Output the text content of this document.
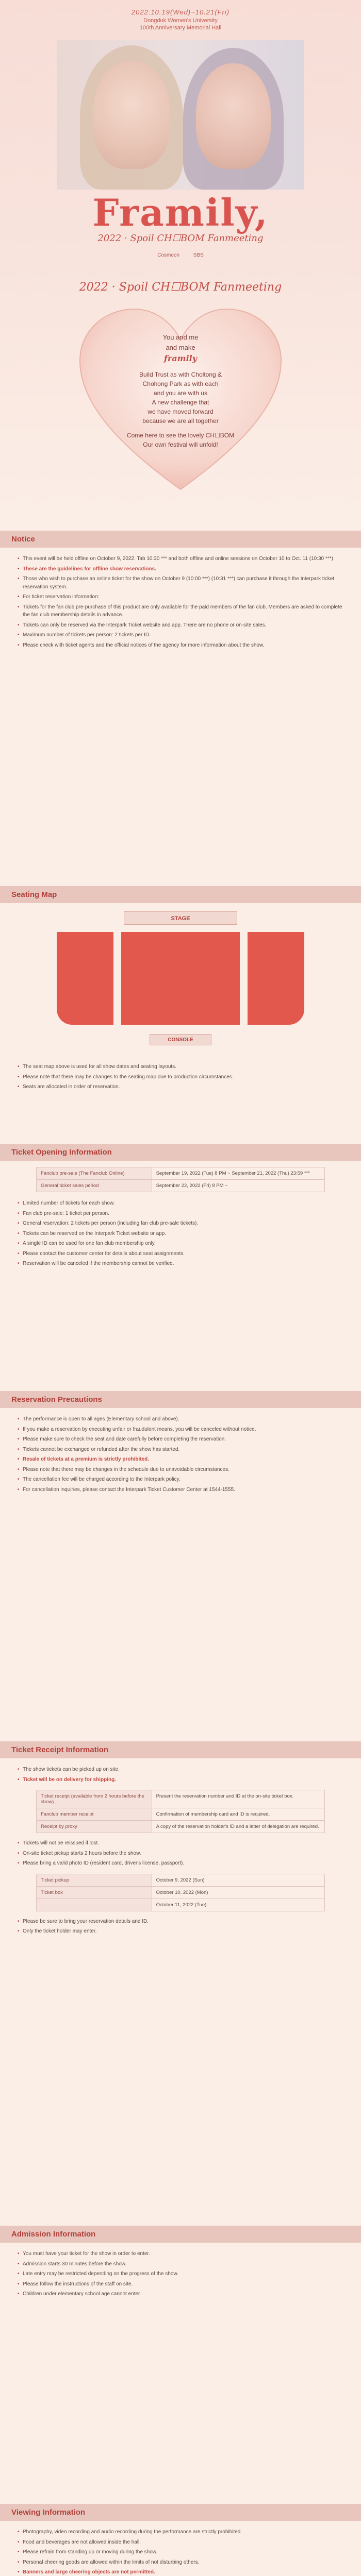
2022.10.19(Wed)~10.21(Fri)
Dongduk Women's University
100th Anniversary Memorial Hall
Framily,
2022 · Spoil CH☐BOM Fanmeeting
Cosmoon	SBS
2022 · Spoil CH☐BOM Fanmeeting

You and me
and make
framily

Build Trust as with Choltong &
Chohong Park as with each
and you are with us
A new challenge that
we have moved forward
because we are all together

Come here to see the lovely CH☐BOM
Our own festival will unfold!

Notice
• This event will be held offline on October 9, 2022. Tab 10:30 *** and both offline and online sessions on October 10 to Oct. 11 (10:30 ***)
• These are the guidelines for offline show reservations.
• Those who wish to purchase an online ticket for the show on October 9 (10:00 ***) (10:31 ***) can purchase it through the Interpark ticket reservation system.
• For ticket reservation information:
• Tickets for the fan club pre-purchase of this product are only available for the paid members of the fan club. Members are asked to complete the fan club membership details in advance.
• Tickets can only be reserved via the Interpark Ticket website and app. There are no phone or on-site sales.
• Maximum number of tickets per person: 2 tickets per ID.
• Please check with ticket agents and the official notices of the agency for more information about the show.
Seating Map
STAGE
CONSOLE
• The seat map above is used for all show dates and seating layouts.
• Please note that there may be changes to the seating map due to production circumstances.
• Seats are allocated in order of reservation.
Ticket Opening Information
Fanclub pre-sale (The Fanclub Online)	September 19, 2022 (Tue) 8 PM ~ September 21, 2022 (Thu) 23:59 ***
General ticket sales period	September 22, 2022 (Fri) 8 PM ~
• Limited number of tickets for each show.
• Fan club pre-sale: 1 ticket per person.
• General reservation: 2 tickets per person (including fan club pre-sale tickets).
• Tickets can be reserved on the Interpark Ticket website or app.
• A single ID can be used for one fan club membership only.
• Please contact the customer center for details about seat assignments.
• Reservation will be canceled if the membership cannot be verified.
Reservation Precautions
• The performance is open to all ages (Elementary school and above).
• If you make a reservation by executing unfair or fraudulent means, you will be canceled without notice.
• Please make sure to check the seat and date carefully before completing the reservation.
• Tickets cannot be exchanged or refunded after the show has started.
• Resale of tickets at a premium is strictly prohibited.
• Please note that there may be changes in the schedule due to unavoidable circumstances.
• The cancellation fee will be charged according to the Interpark policy.
• For cancellation inquiries, please contact the Interpark Ticket Customer Center at 1544-1555.
Ticket Receipt Information
• The show tickets can be picked up on site.
• Ticket will be on delivery for shipping.
Ticket receipt (available from 2 hours before the show)	Present the reservation number and ID at the on-site ticket box.
Fanclub member receipt	Confirmation of membership card and ID is required.
Receipt by proxy	A copy of the reservation holder's ID and a letter of delegation are required.
• Tickets will not be reissued if lost.
• On-site ticket pickup starts 2 hours before the show.
• Please bring a valid photo ID (resident card, driver's license, passport).
Ticket pickup	October 9, 2022 (Sun)
Ticket box	October 10, 2022 (Mon)
	October 11, 2022 (Tue)
• Please be sure to bring your reservation details and ID.
• Only the ticket holder may enter.
Admission Information
• You must have your ticket for the show in order to enter.
• Admission starts 30 minutes before the show.
• Late entry may be restricted depending on the progress of the show.
• Please follow the instructions of the staff on site.
• Children under elementary school age cannot enter.
Viewing Information
• Photography, video recording and audio recording during the performance are strictly prohibited.
• Food and beverages are not allowed inside the hall.
• Please refrain from standing up or moving during the show.
• Personal cheering goods are allowed within the limits of not disturbing others.
• Banners and large cheering objects are not permitted.
